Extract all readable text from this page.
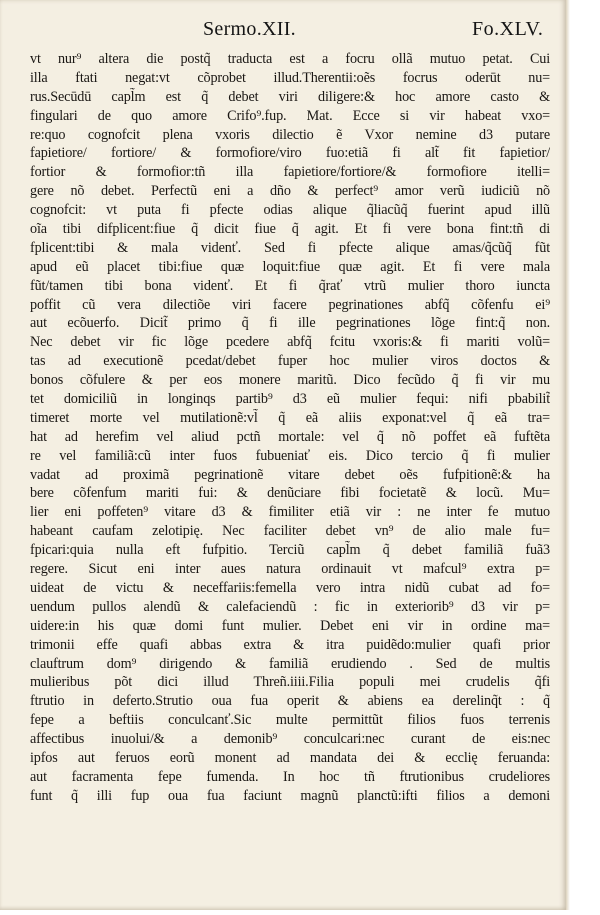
Sermo.XII.	Fo.XLV.
vt nur⁹ altera die postq̃ traducta est a focru ollã mutuo petat. Cui
illa ftati negat:vt cõprobet illud.Therentii:oẽs focrus oderūt nu=
rus.Secūdū capl̃m est q̃ debet viri diligere:& hoc amore casto &
fingulari de quo amore Crifo⁹.fup. Mat. Ecce si vir habeat vxo=
re:quo cognofcit plena vxoris dilectio ẽ Vxor nemine d3 putare
fapietiore/ fortiore/ & formofiore/viro fuo:etiã fi alt̃ fit fapietior/
fortior & formofior:tñ illa fapietiore/fortiore/& formofiore itelli=
gere nõ debet. Perfectũ eni a dño & perfect⁹ amor verũ iudiciũ nõ
cognofcit: vt puta fi pfecte odias alique q̃liacũq̃ fuerint apud illũ
oĩa tibi difplicent:fiue q̃ dicit fiue q̃ agit. Et fi vere bona fint:tñ di
fplicent:tibi & mala videnť. Sed fi pfecte alique amas/q̃cũq̃ fũt
apud eũ placet tibi:fiue quæ loquit:fiue quæ agit. Et fi vere mala
fũt/tamen tibi bona videnť. Et fi q̃rať vtrũ mulier thoro iuncta
poffit cũ vera dilectiõe viri facere pegrinationes abfq̃ cõfenfu ei⁹
aut ecõuerfo. Dicit̃ primo q̃ fi ille pegrinationes lõge fint:q̃ non.
Nec debet vir fic lõge pcedere abfq̃ fcitu vxoris:& fi mariti volũ=
tas ad executionẽ pcedat/debet fuper hoc mulier viros doctos &
bonos cõfulere & per eos monere maritũ. Dico fecũdo q̃ fi vir mu
tet domiciliũ in longinqs partib⁹ d3 eũ mulier fequi: nifi pbabilit̃
timeret morte vel mutilationẽ:vl̃ q̃ eã aliis exponat:vel q̃ eã tra=
hat ad herefim vel aliud pctñ mortale: vel q̃ nõ poffet eã fuftẽta
re vel familiã:cũ inter fuos fubueniať eis. Dico tercio q̃ fi mulier
vadat ad proximã pegrinationẽ vitare debet oẽs fufpitionẽ:& ha
bere cõfenfum mariti fui: & denũciare fibi focietatẽ & locũ. Mu=
lier eni poffeten⁹ vitare d3 & fimiliter etiã vir : ne inter fe mutuo
habeant caufam zelotipię. Nec faciliter debet vn⁹ de alio male fu=
fpicari:quia nulla eft fufpitio. Terciũ capl̃m q̃ debet familiã fuã3
regere. Sicut eni inter aues natura ordinauit vt mafcul⁹ extra p=
uideat de victu & neceffariis:femella vero intra nidũ cubat ad fo=
uendum pullos alendũ & calefaciendũ : fic in exteriorib⁹ d3 vir p=
uidere:in his quæ domi funt mulier. Debet eni vir in ordine ma=
trimonii effe quafi abbas extra & itra puidẽdo:mulier quafi prior
clauftrum dom⁹ dirigendo & familiã erudiendo . Sed de multis
mulieribus põt dici illud Threñ.iiii.Filia populi mei crudelis q̃fi
ftrutio in deferto.Strutio oua fua operit & abiens ea derelinq̃t : q̃
fepe a beftiis conculcanť.Sic multe permittũt filios fuos terrenis
affectibus inuolui/& a demonib⁹ conculcari:nec curant de eis:nec
ipfos aut feruos eorũ monent ad mandata dei & ecclię feruanda:
aut facramenta fepe fumenda. In hoc tñ ftrutionibus crudeliores
funt q̃ illi fup oua fua faciunt magnũ planctũ:ifti filios a demoni
